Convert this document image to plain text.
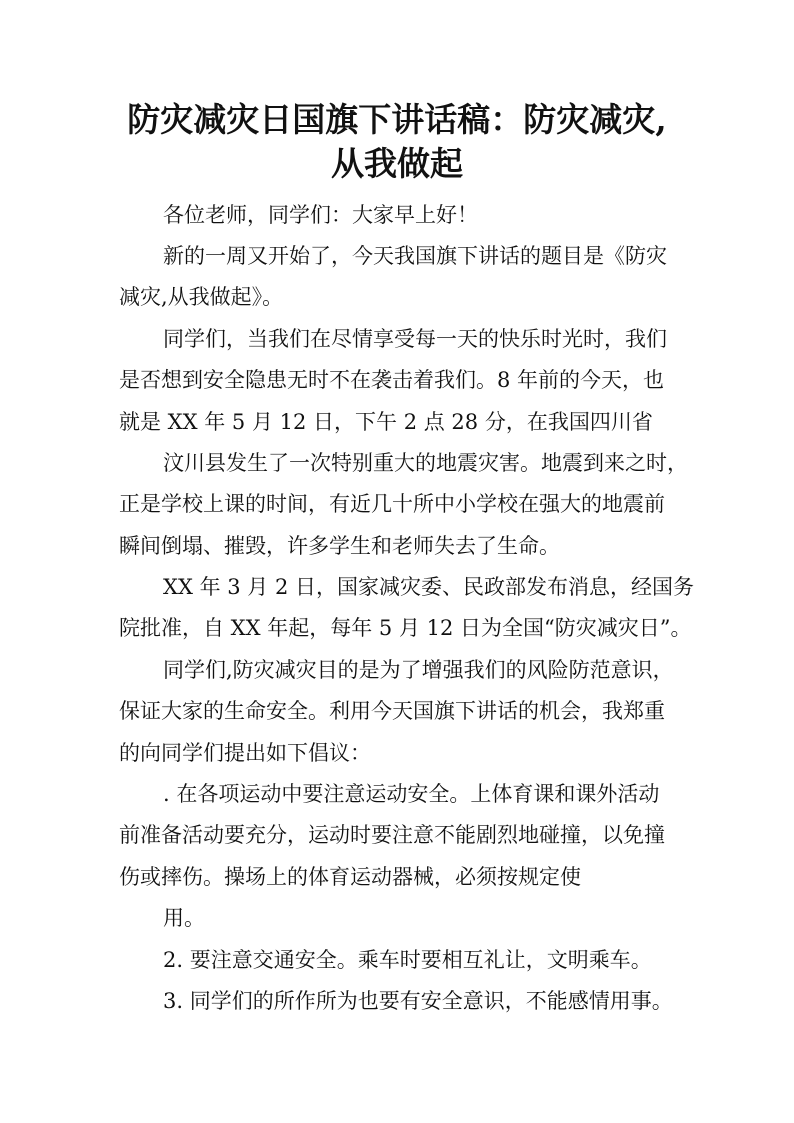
防灾减灾日国旗下讲话稿：防灾减灾,
从我做起

各位老师，同学们：大家早上好！

新的一周又开始了，今天我国旗下讲话的题目是《防灾

减灾,从我做起》。

同学们，当我们在尽情享受每一天的快乐时光时，我们

是否想到安全隐患无时不在袭击着我们。8 年前的今天，也

就是 XX 年 5 月 12 日，下午 2 点 28 分，在我国四川省

汶川县发生了一次特别重大的地震灾害。地震到来之时，

正是学校上课的时间，有近几十所中小学校在强大的地震前

瞬间倒塌、摧毁，许多学生和老师失去了生命。

XX 年 3 月 2 日，国家减灾委、民政部发布消息，经国务

院批准，自 XX 年起，每年 5 月 12 日为全国“防灾减灾日”。

同学们,防灾减灾目的是为了增强我们的风险防范意识，

保证大家的生命安全。利用今天国旗下讲话的机会，我郑重

的向同学们提出如下倡议：

. 在各项运动中要注意运动安全。上体育课和课外活动

前准备活动要充分，运动时要注意不能剧烈地碰撞，以免撞

伤或摔伤。操场上的体育运动器械，必须按规定使

用。

2. 要注意交通安全。乘车时要相互礼让，文明乘车。

3. 同学们的所作所为也要有安全意识，不能感情用事。
